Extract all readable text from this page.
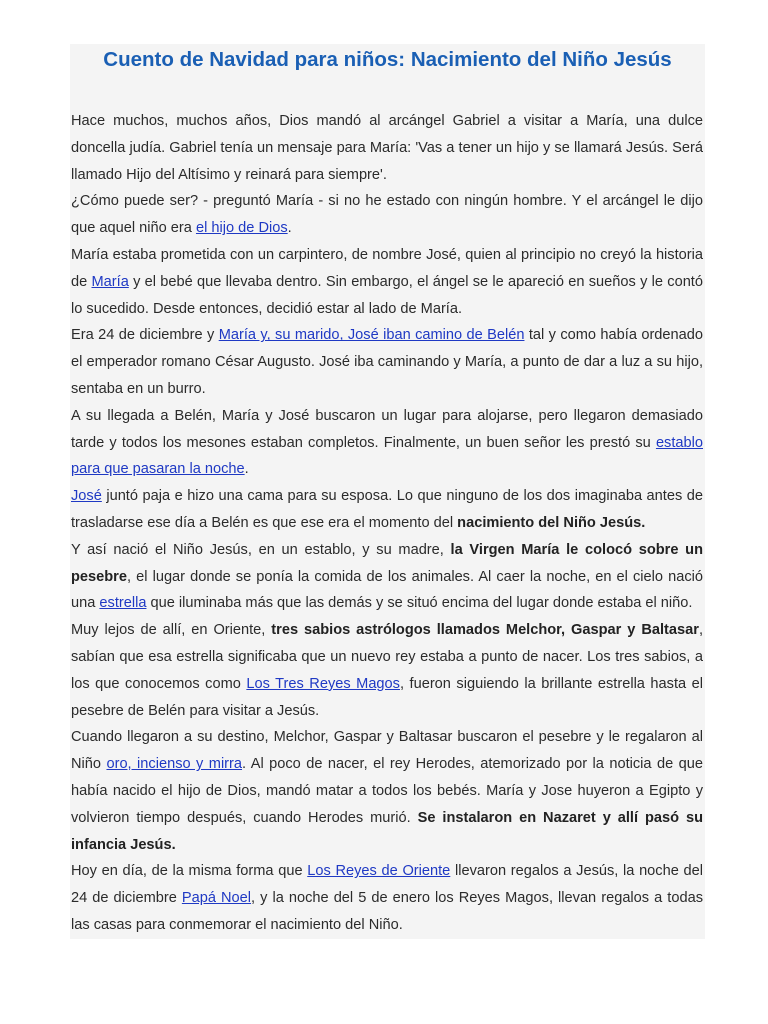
Cuento de Navidad para niños: Nacimiento del Niño Jesús

Hace muchos, muchos años, Dios mandó al arcángel Gabriel a visitar a María, una dulce doncella judía. Gabriel tenía un mensaje para María: 'Vas a tener un hijo y se llamará Jesús. Será llamado Hijo del Altísimo y reinará para siempre'.

¿Cómo puede ser? - preguntó María - si no he estado con ningún hombre. Y el arcángel le dijo que aquel niño era el hijo de Dios.

María estaba prometida con un carpintero, de nombre José, quien al principio no creyó la historia de María y el bebé que llevaba dentro. Sin embargo, el ángel se le apareció en sueños y le contó lo sucedido. Desde entonces, decidió estar al lado de María.

Era 24 de diciembre y María y, su marido, José iban camino de Belén tal y como había ordenado el emperador romano César Augusto. José iba caminando y María, a punto de dar a luz a su hijo, sentaba en un burro.

A su llegada a Belén, María y José buscaron un lugar para alojarse, pero llegaron demasiado tarde y todos los mesones estaban completos. Finalmente, un buen señor les prestó su establo para que pasaran la noche.

José juntó paja e hizo una cama para su esposa. Lo que ninguno de los dos imaginaba antes de trasladarse ese día a Belén es que ese era el momento del nacimiento del Niño Jesús.

Y así nació el Niño Jesús, en un establo, y su madre, la Virgen María le colocó sobre un pesebre, el lugar donde se ponía la comida de los animales. Al caer la noche, en el cielo nació una estrella que iluminaba más que las demás y se situó encima del lugar donde estaba el niño.

Muy lejos de allí, en Oriente, tres sabios astrólogos llamados Melchor, Gaspar y Baltasar, sabían que esa estrella significaba que un nuevo rey estaba a punto de nacer. Los tres sabios, a los que conocemos como Los Tres Reyes Magos, fueron siguiendo la brillante estrella hasta el pesebre de Belén para visitar a Jesús.

Cuando llegaron a su destino, Melchor, Gaspar y Baltasar buscaron el pesebre y le regalaron al Niño oro, incienso y mirra. Al poco de nacer, el rey Herodes, atemorizado por la noticia de que había nacido el hijo de Dios, mandó matar a todos los bebés. María y Jose huyeron a Egipto y volvieron tiempo después, cuando Herodes murió. Se instalaron en Nazaret y allí pasó su infancia Jesús.

Hoy en día, de la misma forma que Los Reyes de Oriente llevaron regalos a Jesús, la noche del 24 de diciembre Papá Noel, y la noche del 5 de enero los Reyes Magos, llevan regalos a todas las casas para conmemorar el nacimiento del Niño.
